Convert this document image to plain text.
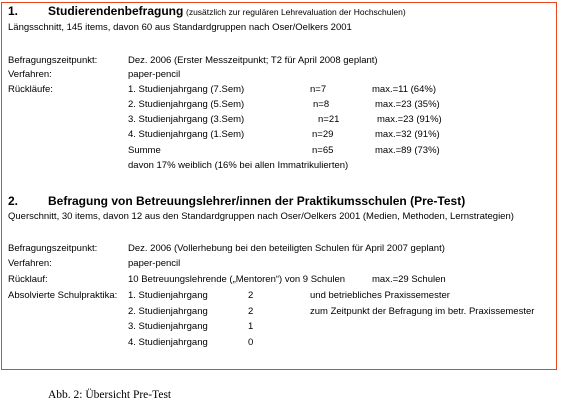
1. Studierendenbefragung (zusätzlich zur regulären Lehrevaluation der Hochschulen)
Längsschnitt, 145 items, davon 60 aus Standardgruppen nach Oser/Oelkers 2001
Befragungszeitpunkt:	Dez. 2006 (Erster Messzeitpunkt; T2 für April 2008 geplant)
Verfahren:	paper-pencil
Rückläufe:	1. Studienjahrgang (7.Sem)	n=7	max.=11 (64%)
2. Studienjahrgang (5.Sem)	n=8	max.=23 (35%)
3. Studienjahrgang (3.Sem)	n=21	max.=23 (91%)
4. Studienjahrgang (1.Sem)	n=29	max.=32 (91%)
Summe	n=65	max.=89 (73%)
davon 17% weiblich (16% bei allen Immatrikulierten)
2. Befragung von Betreuungslehrer/innen der Praktikumsschulen (Pre-Test)
Querschnitt, 30 items, davon 12 aus den Standardgruppen nach Oser/Oelkers 2001 (Medien, Methoden, Lernstrategien)
Befragungszeitpunkt:	Dez. 2006 (Vollerhebung bei den beteiligten Schulen für April 2007 geplant)
Verfahren:	paper-pencil
Rücklauf:	10 Betreuungslehrende („Mentoren“) von 9 Schulen	max.=29 Schulen
Absolvierte Schulpraktika: 1. Studienjahrgang	2	und betriebliches Praxissemester
2. Studienjahrgang	2	zum Zeitpunkt der Befragung im betr. Praxissemester
3. Studienjahrgang	1
4. Studienjahrgang	0
Abb. 2: Übersicht Pre-Test
